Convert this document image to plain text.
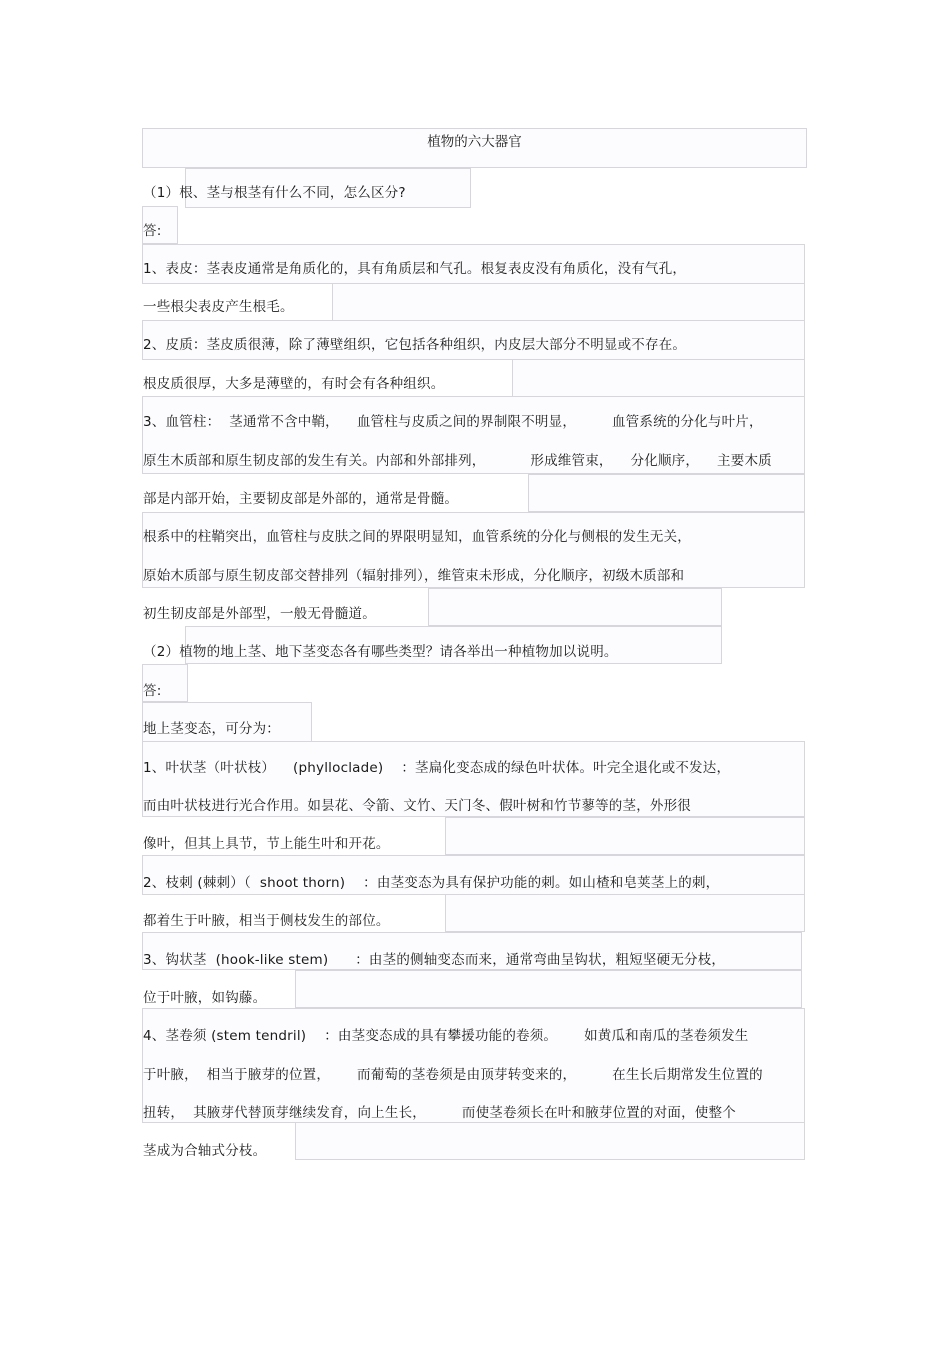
植物的六大器官
（1）根、茎与根茎有什么不同，怎么区分?
答:
1、表皮：茎表皮通常是角质化的，具有角质层和气孔。根复表皮没有角质化，没有气孔，
一些根尖表皮产生根毛。
2、皮质：茎皮质很薄，除了薄壁组织，它包括各种组织，内皮层大部分不明显或不存在。
根皮质很厚，大多是薄壁的，有时会有各种组织。
3、血管柱：  茎通常不含中鞘，    血管柱与皮质之间的界制限不明显，        血管系统的分化与叶片，
原生木质部和原生韧皮部的发生有关。内部和外部排列，          形成维管束，    分化顺序，    主要木质
部是内部开始，主要韧皮部是外部的，通常是骨髓。
根系中的柱鞘突出，血管柱与皮肤之间的界限明显知，血管系统的分化与侧根的发生无关，
原始木质部与原生韧皮部交替排列（辐射排列），维管束未形成，分化顺序，初级木质部和
初生韧皮部是外部型，一般无骨髓道。
（2）植物的地上茎、地下茎变态各有哪些类型？请各举出一种植物加以说明。
答:
地上茎变态，可分为：
1、叶状茎（叶状枝）    (phylloclade)    ：茎扁化变态成的绿色叶状体。叶完全退化或不发达，
而由叶状枝进行光合作用。如昙花、令箭、文竹、天门冬、假叶树和竹节蓼等的茎，外形很
像叶，但其上具节，节上能生叶和开花。
2、枝刺 (棘刺）（  shoot thorn)    ：由茎变态为具有保护功能的刺。如山楂和皂荚茎上的刺，
都着生于叶腋，相当于侧枝发生的部位。
3、钩状茎  (hook-like stem)      ：由茎的侧轴变态而来，通常弯曲呈钩状，粗短坚硬无分枝，
位于叶腋，如钩藤。
4、茎卷须 (stem tendril)    ：由茎变态成的具有攀援功能的卷须。      如黄瓜和南瓜的茎卷须发生
于叶腋，  相当于腋芽的位置，      而葡萄的茎卷须是由顶芽转变来的，        在生长后期常发生位置的
扭转，  其腋芽代替顶芽继续发育，向上生长，        而使茎卷须长在叶和腋芽位置的对面，使整个
茎成为合轴式分枝。
